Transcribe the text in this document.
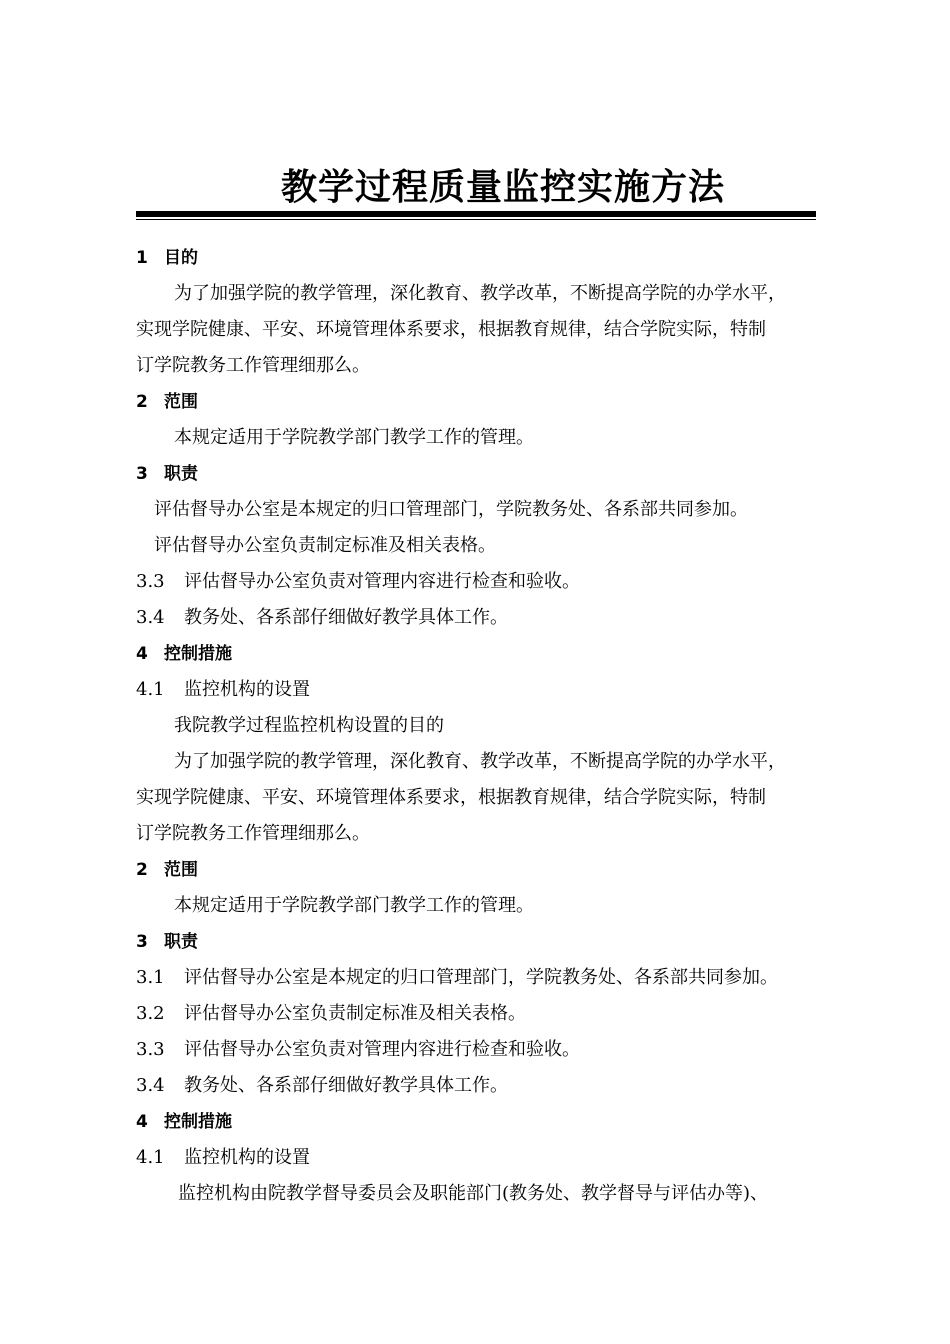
教学过程质量监控实施方法
1 目的
为了加强学院的教学管理，深化教育、教学改革，不断提高学院的办学水平，
实现学院健康、平安、环境管理体系要求，根据教育规律，结合学院实际，特制
订学院教务工作管理细那么。
2 范围
本规定适用于学院教学部门教学工作的管理。
3 职责
评估督导办公室是本规定的归口管理部门，学院教务处、各系部共同参加。
评估督导办公室负责制定标准及相关表格。
3.3 评估督导办公室负责对管理内容进行检查和验收。
3.4 教务处、各系部仔细做好教学具体工作。
4 控制措施
4.1 监控机构的设置
我院教学过程监控机构设置的目的
为了加强学院的教学管理，深化教育、教学改革，不断提高学院的办学水平，
实现学院健康、平安、环境管理体系要求，根据教育规律，结合学院实际，特制
订学院教务工作管理细那么。
2 范围
本规定适用于学院教学部门教学工作的管理。
3 职责
3.1 评估督导办公室是本规定的归口管理部门，学院教务处、各系部共同参加。
3.2 评估督导办公室负责制定标准及相关表格。
3.3 评估督导办公室负责对管理内容进行检查和验收。
3.4 教务处、各系部仔细做好教学具体工作。
4 控制措施
4.1 监控机构的设置
监控机构由院教学督导委员会及职能部门(教务处、教学督导与评估办等)、
